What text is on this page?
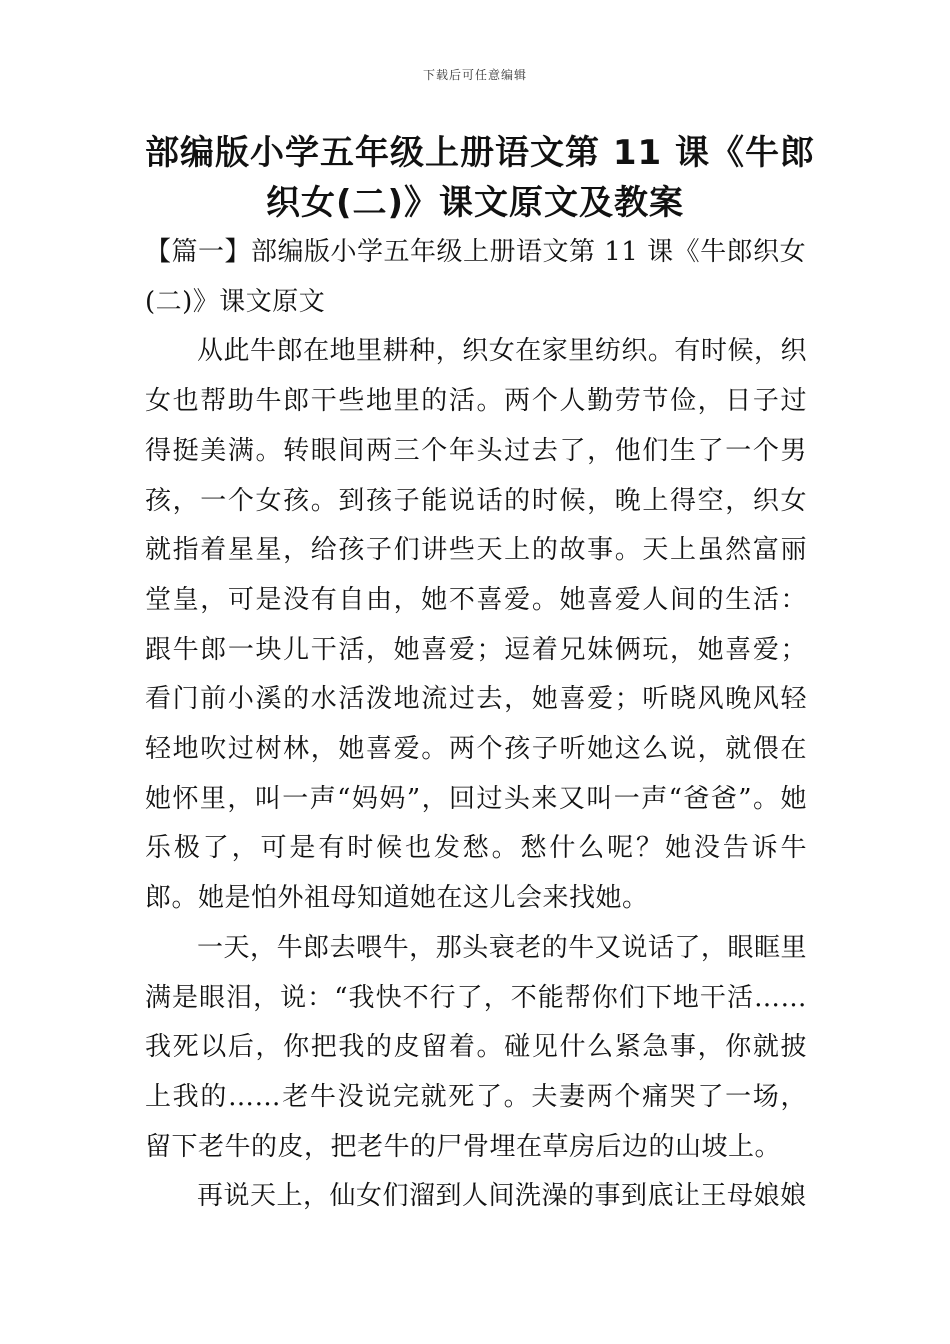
下载后可任意编辑
部编版小学五年级上册语文第 11 课《牛郎
织女(二)》课文原文及教案

【篇一】部编版小学五年级上册语文第 11 课《牛郎织女
(二)》课文原文

从此牛郎在地里耕种，织女在家里纺织。有时候，织女也帮助牛郎干些地里的活。两个人勤劳节俭，日子过得挺美满。转眼间两三个年头过去了，他们生了一个男孩，一个女孩。到孩子能说话的时候，晚上得空，织女就指着星星，给孩子们讲些天上的故事。天上虽然富丽堂皇，可是没有自由，她不喜爱。她喜爱人间的生活：跟牛郎一块儿干活，她喜爱；逗着兄妹俩玩，她喜爱；看门前小溪的水活泼地流过去，她喜爱；听晓风晚风轻轻地吹过树林，她喜爱。两个孩子听她这么说，就偎在她怀里，叫一声“妈妈”，回过头来又叫一声“爸爸”。她乐极了，可是有时候也发愁。愁什么呢？她没告诉牛郎。她是怕外祖母知道她在这儿会来找她。

一天，牛郎去喂牛，那头衰老的牛又说话了，眼眶里满是眼泪，说：“我快不行了，不能帮你们下地干活……我死以后，你把我的皮留着。碰见什么紧急事，你就披上我的……老牛没说完就死了。夫妻两个痛哭了一场，留下老牛的皮，把老牛的尸骨埋在草房后边的山坡上。

再说天上，仙女们溜到人间洗澡的事到底让王母娘娘
